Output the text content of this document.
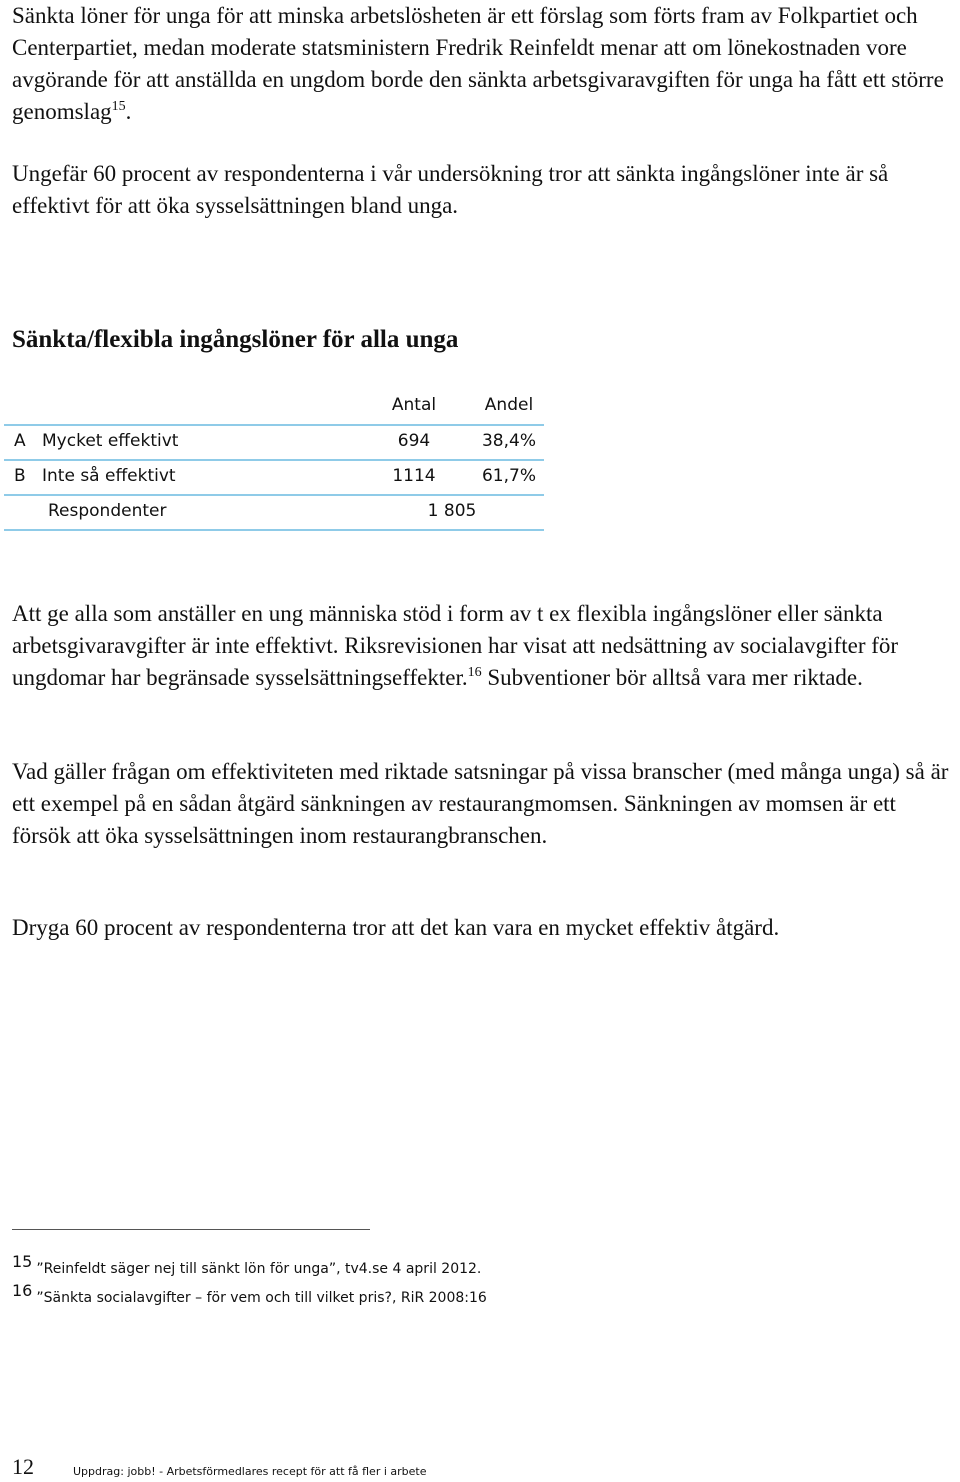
Sänkta löner för unga för att minska arbetslösheten är ett förslag som förts fram av Folkpartiet och Centerpartiet, medan moderate statsministern Fredrik Reinfeldt menar att om lönekostnaden vore avgörande för att anställda en ungdom borde den sänkta arbetsgivaravgiften för unga ha fått ett större genomslag$^{15}$.

Ungefär 60 procent av respondenterna i vår undersökning tror att sänkta ingångslöner inte är så effektivt för att öka sysselsättningen bland unga.

Sänkta/flexibla ingångslöner för alla unga
Antal	Andel
A Mycket effektivt	694	38,4%
B Inte så effektivt	1114	61,7%
Respondenter	1 805

Att ge alla som anställer en ung människa stöd i form av t ex flexibla ingångslöner eller sänkta arbetsgivaravgifter är inte effektivt. Riksrevisionen har visat att nedsättning av socialavgifter för ungdomar har begränsade sysselsättningseffekter.$^{16}$ Subventioner bör alltså vara mer riktade.

Vad gäller frågan om effektiviteten med riktade satsningar på vissa branscher (med många unga) så är ett exempel på en sådan åtgärd sänkningen av restaurangmomsen. Sänkningen av momsen är ett försök att öka sysselsättningen inom restaurangbranschen.

Dryga 60 procent av respondenterna tror att det kan vara en mycket effektiv åtgärd.

15 ”Reinfeldt säger nej till sänkt lön för unga”, tv4.se 4 april 2012.
16 ”Sänkta socialavgifter – för vem och till vilket pris?, RiR 2008:16
12	Uppdrag: jobb! - Arbetsförmedlares recept för att få fler i arbete
